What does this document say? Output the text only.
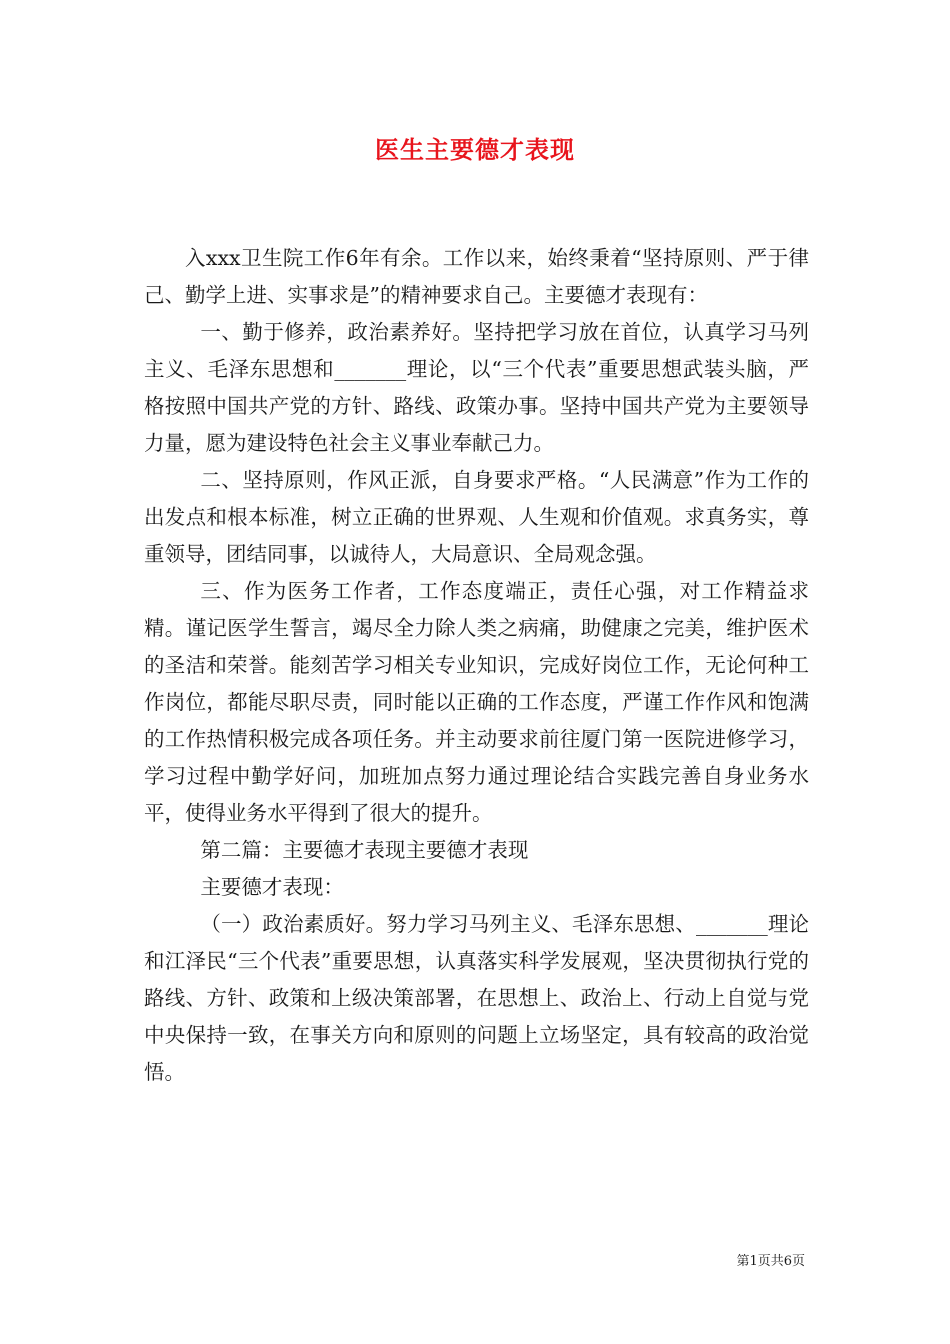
医生主要德才表现

入xxx卫生院工作6年有余。工作以来，始终秉着“坚持原则、严于律己、勤学上进、实事求是”的精神要求自己。主要德才表现有：

一、勤于修养，政治素养好。坚持把学习放在首位，认真学习马列主义、毛泽东思想和_______理论，以“三个代表”重要思想武装头脑，严格按照中国共产党的方针、路线、政策办事。坚持中国共产党为主要领导力量，愿为建设特色社会主义事业奉献己力。

二、坚持原则，作风正派，自身要求严格。“人民满意”作为工作的出发点和根本标准，树立正确的世界观、人生观和价值观。求真务实，尊重领导，团结同事，以诚待人，大局意识、全局观念强。

三、作为医务工作者，工作态度端正，责任心强，对工作精益求精。谨记医学生誓言，竭尽全力除人类之病痛，助健康之完美，维护医术的圣洁和荣誉。能刻苦学习相关专业知识，完成好岗位工作，无论何种工作岗位，都能尽职尽责，同时能以正确的工作态度，严谨工作作风和饱满的工作热情积极完成各项任务。并主动要求前往厦门第一医院进修学习，学习过程中勤学好问，加班加点努力通过理论结合实践完善自身业务水平，使得业务水平得到了很大的提升。

第二篇：主要德才表现主要德才表现

主要德才表现：

（一）政治素质好。努力学习马列主义、毛泽东思想、_______理论和江泽民“三个代表”重要思想，认真落实科学发展观，坚决贯彻执行党的路线、方针、政策和上级决策部署，在思想上、政治上、行动上自觉与党中央保持一致，在事关方向和原则的问题上立场坚定，具有较高的政治觉悟。

第1页共6页
